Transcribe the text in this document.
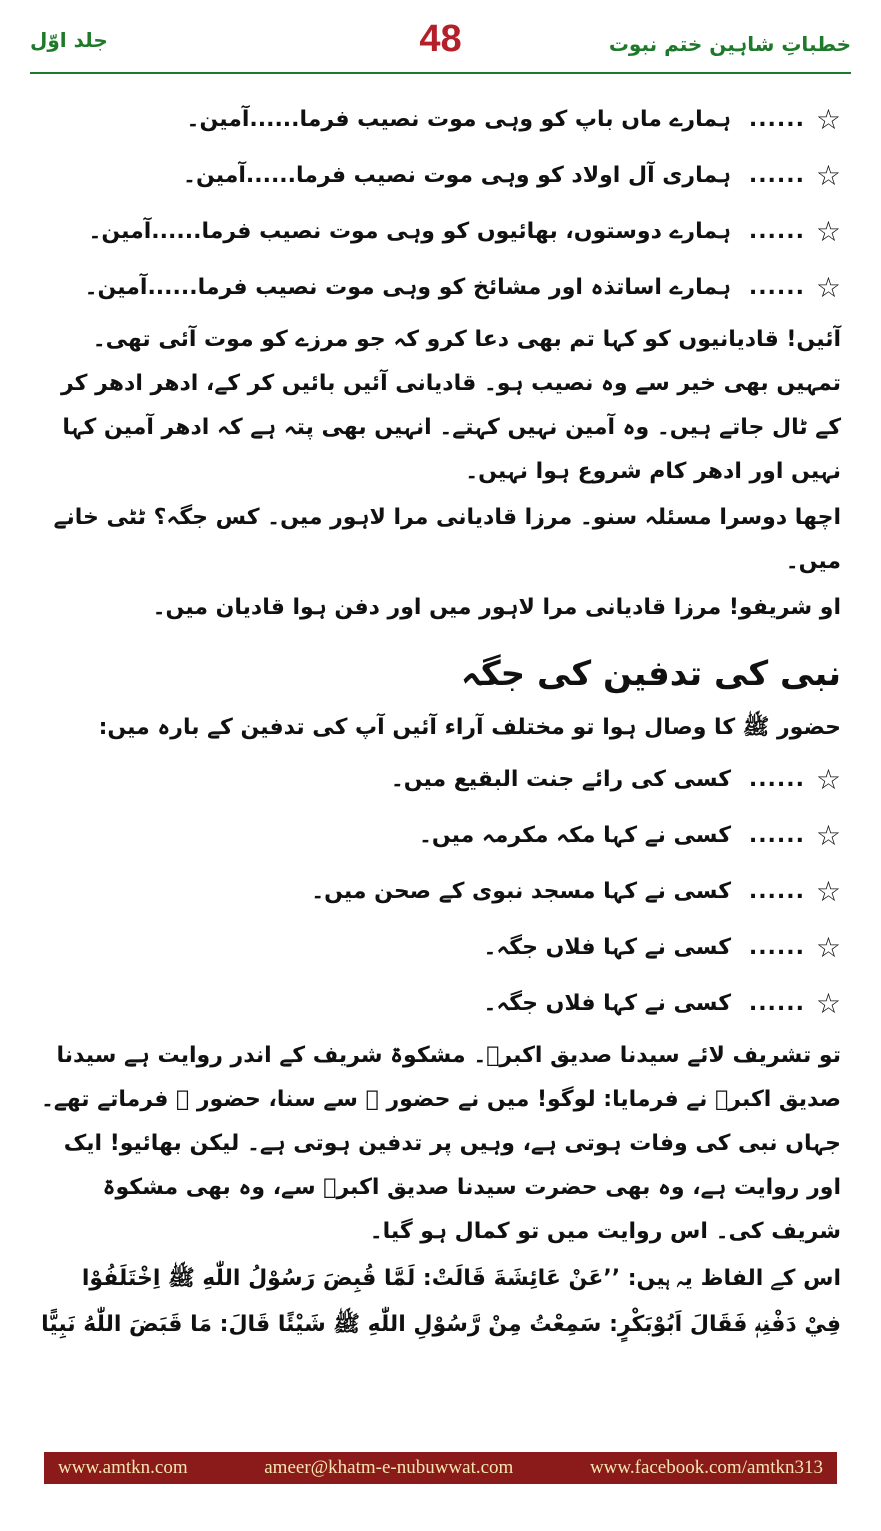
جلد اوّل	48	خطباتِ شاہین ختم نبوت
☆
......
ہمارے ماں باپ کو وہی موت نصیب فرما......آمین۔
☆
......
ہماری آل اولاد کو وہی موت نصیب فرما......آمین۔
☆
......
ہمارے دوستوں، بھائیوں کو وہی موت نصیب فرما......آمین۔
☆
......
ہمارے اساتذہ اور مشائخ کو وہی موت نصیب فرما......آمین۔

آئیں! قادیانیوں کو کہا تم بھی دعا کرو کہ جو مرزے کو موت آئی تھی۔ تمہیں بھی خیر سے وہ نصیب ہو۔ قادیانی آئیں بائیں کر کے، ادھر ادھر کر کے ٹال جاتے ہیں۔ وہ آمین نہیں کہتے۔ انہیں بھی پتہ ہے کہ ادھر آمین کہا نہیں اور ادھر کام شروع ہوا نہیں۔

اچھا دوسرا مسئلہ سنو۔ مرزا قادیانی مرا لاہور میں۔ کس جگہ؟ ٹٹی خانے میں۔

او شریفو! مرزا قادیانی مرا لاہور میں اور دفن ہوا قادیان میں۔

نبی کی تدفین کی جگہ

حضور ﷺ کا وصال ہوا تو مختلف آراء آئیں آپ کی تدفین کے بارہ میں:

☆
......
کسی کی رائے جنت البقیع میں۔
☆
......
کسی نے کہا مکہ مکرمہ میں۔
☆
......
کسی نے کہا مسجد نبوی کے صحن میں۔
☆
......
کسی نے کہا فلاں جگہ۔
☆
......
کسی نے کہا فلاں جگہ۔

تو تشریف لائے سیدنا صدیق اکبرؓ۔ مشکوۃ شریف کے اندر روایت ہے سیدنا صدیق اکبرؓ نے فرمایا: لوگو! میں نے حضور ﷺ سے سنا، حضور ﷺ فرماتے تھے۔ جہاں نبی کی وفات ہوتی ہے، وہیں پر تدفین ہوتی ہے۔ لیکن بھائیو! ایک اور روایت ہے، وہ بھی حضرت سیدنا صدیق اکبرؓ سے، وہ بھی مشکوۃ شریف کی۔ اس روایت میں تو کمال ہو گیا۔

اس کے الفاظ یہ ہیں: ’’عَنْ عَائِشَةَ قَالَتْ: لَمَّا قُبِضَ رَسُوْلُ اللّٰهِ ﷺ اِخْتَلَفُوْا فِيْ دَفْنِهٖ فَقَالَ اَبُوْبَكْرٍ: سَمِعْتُ مِنْ رَّسُوْلِ اللّٰهِ ﷺ شَيْئًا قَالَ: مَا قَبَضَ اللّٰهُ نَبِيًّا

www.amtkn.com	ameer@khatm-e-nubuwwat.com	www.facebook.com/amtkn313
